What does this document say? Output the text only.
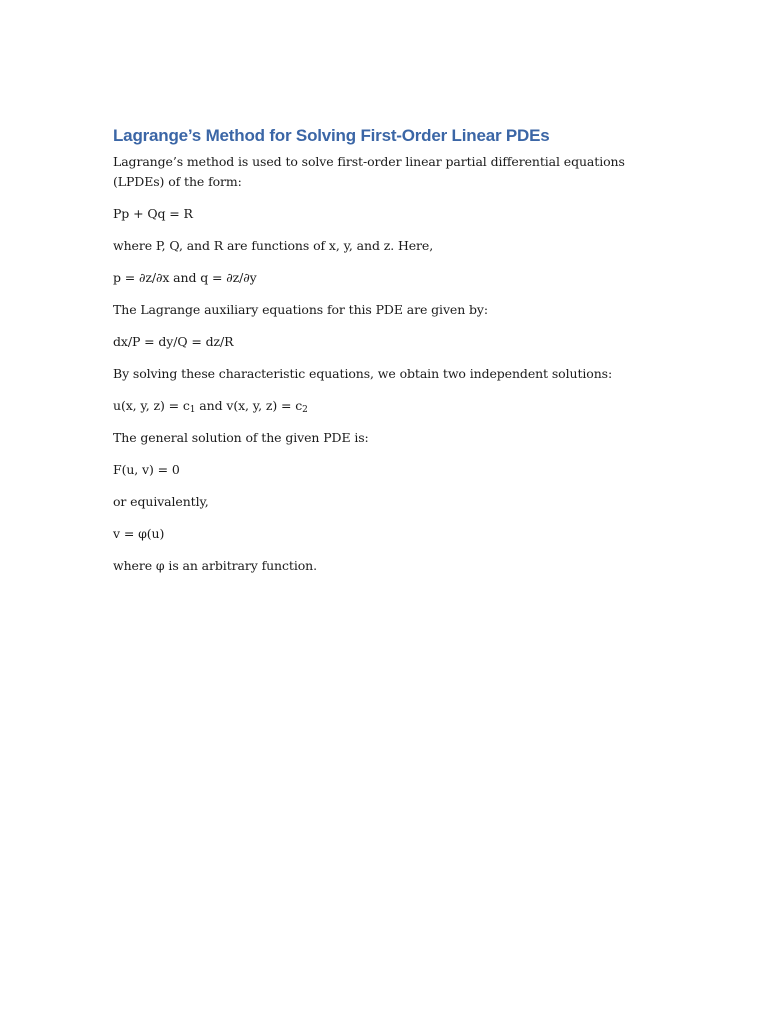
Lagrange’s Method for Solving First-Order Linear PDEs

Lagrange’s method is used to solve first-order linear partial differential equations (LPDEs) of the form:

Pp + Qq = R

where P, Q, and R are functions of x, y, and z. Here,

p = ∂z/∂x and q = ∂z/∂y

The Lagrange auxiliary equations for this PDE are given by:

dx/P = dy/Q = dz/R

By solving these characteristic equations, we obtain two independent solutions:

u(x, y, $z) = c_1$ and v(x, y, $z) = c_2$

The general solution of the given PDE is:

F(u, v) = 0

or equivalently,

v = φ(u)

where φ is an arbitrary function.
